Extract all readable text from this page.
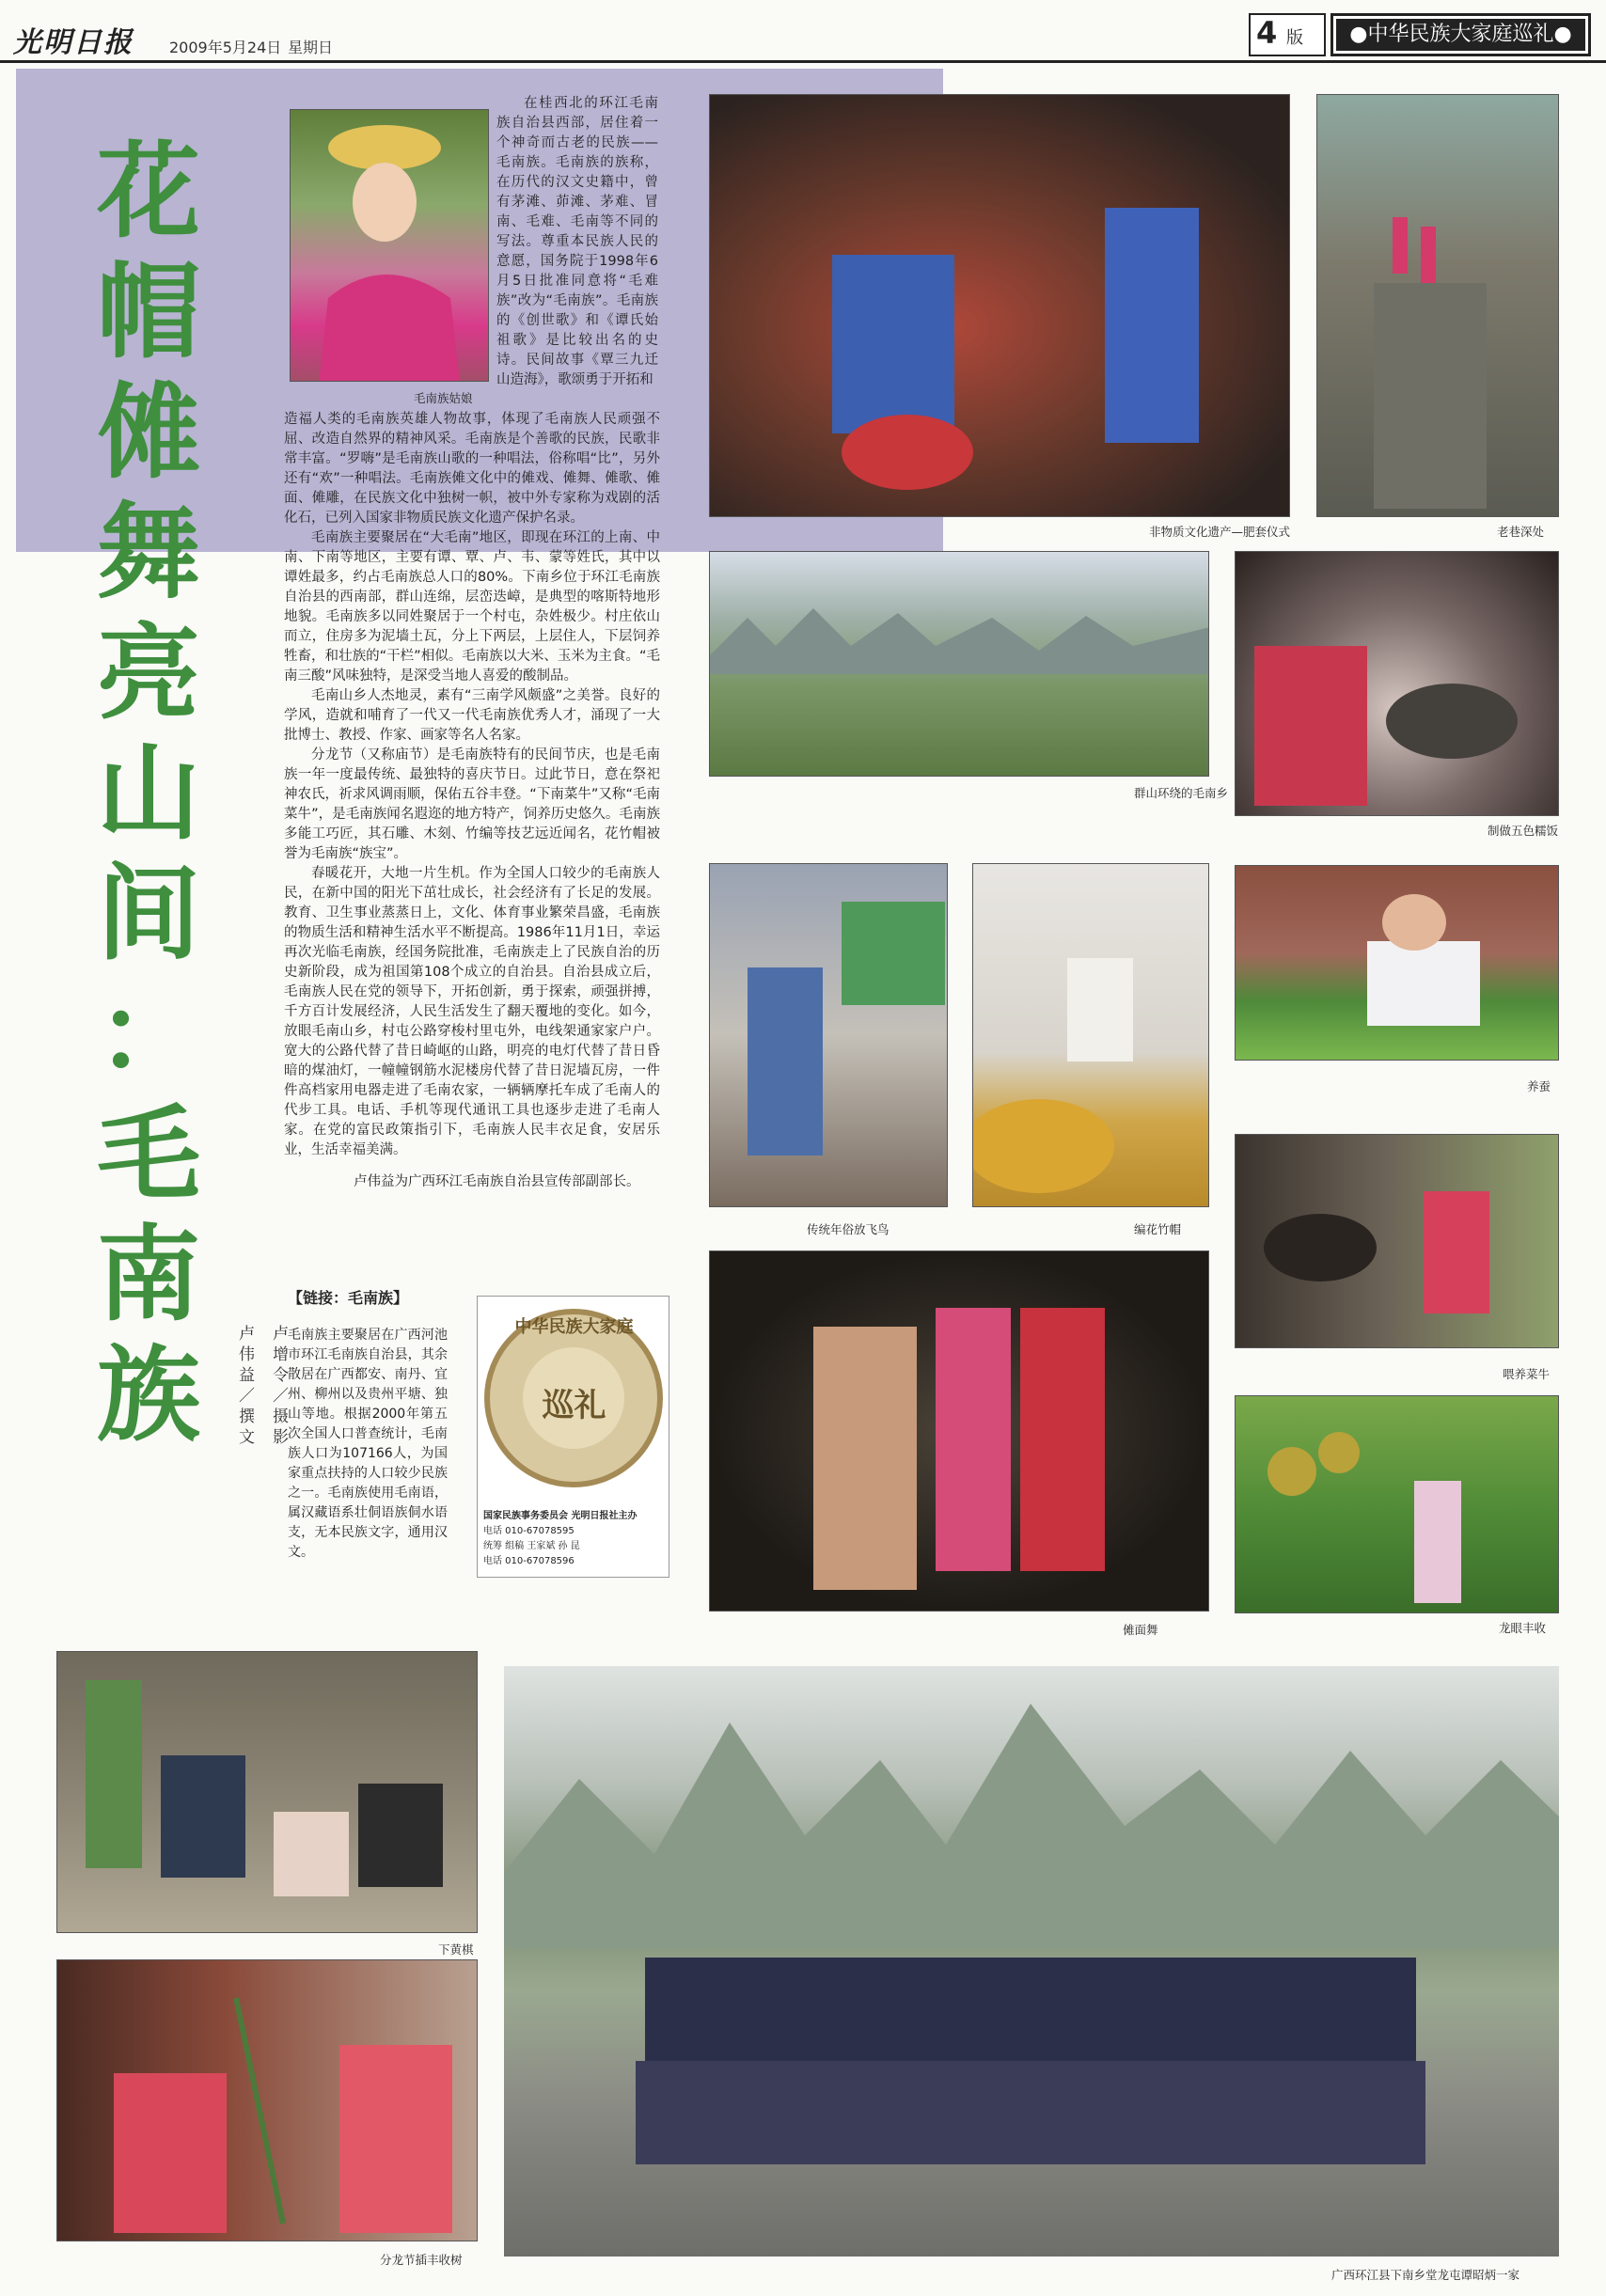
光明日报 2009年5月24日 星期日	4 版	●中华民族大家庭巡礼●
花
帽
傩
舞
亮
山
间
：
毛
南
族
毛南族姑娘

在桂西北的环江毛南族自治县西部，居住着一个神奇而古老的民族——毛南族。毛南族的族称，在历代的汉文史籍中，曾有茅滩、茆滩、茅难、冒南、毛难、毛南等不同的写法。尊重本民族人民的意愿，国务院于1998年6月5日批准同意将“毛难族”改为“毛南族”。毛南族的《创世歌》和《谭氏始祖歌》是比较出名的史诗。民间故事《覃三九迁山造海》，歌颂勇于开拓和

造福人类的毛南族英雄人物故事，体现了毛南族人民顽强不屈、改造自然界的精神风采。毛南族是个善歌的民族，民歌非常丰富。“罗嗨”是毛南族山歌的一种唱法，俗称唱“比”，另外还有“欢”一种唱法。毛南族傩文化中的傩戏、傩舞、傩歌、傩面、傩雕，在民族文化中独树一帜，被中外专家称为戏剧的活化石，已列入国家非物质民族文化遗产保护名录。

毛南族主要聚居在“大毛南”地区，即现在环江的上南、中南、下南等地区，主要有谭、覃、卢、韦、蒙等姓氏，其中以谭姓最多，约占毛南族总人口的80%。下南乡位于环江毛南族自治县的西南部，群山连绵，层峦迭嶂，是典型的喀斯特地形地貌。毛南族多以同姓聚居于一个村屯，杂姓极少。村庄依山而立，住房多为泥墙土瓦，分上下两层，上层住人，下层饲养牲畜，和壮族的“干栏”相似。毛南族以大米、玉米为主食。“毛南三酸”风味独特，是深受当地人喜爱的酸制品。

毛南山乡人杰地灵，素有“三南学风颇盛”之美誉。良好的学风，造就和哺育了一代又一代毛南族优秀人才，涌现了一大批博士、教授、作家、画家等名人名家。

分龙节（又称庙节）是毛南族特有的民间节庆，也是毛南族一年一度最传统、最独特的喜庆节日。过此节日，意在祭祀神农氏，祈求风调雨顺，保佑五谷丰登。“下南菜牛”又称“毛南菜牛”，是毛南族闻名遐迩的地方特产，饲养历史悠久。毛南族多能工巧匠，其石雕、木刻、竹编等技艺远近闻名，花竹帽被誉为毛南族“族宝”。

春暖花开，大地一片生机。作为全国人口较少的毛南族人民，在新中国的阳光下茁壮成长，社会经济有了长足的发展。教育、卫生事业蒸蒸日上，文化、体育事业繁荣昌盛，毛南族的物质生活和精神生活水平不断提高。1986年11月1日，幸运再次光临毛南族，经国务院批准，毛南族走上了民族自治的历史新阶段，成为祖国第108个成立的自治县。自治县成立后，毛南族人民在党的领导下，开拓创新，勇于探索，顽强拼搏，千方百计发展经济，人民生活发生了翻天覆地的变化。如今，放眼毛南山乡，村屯公路穿梭村里屯外，电线架通家家户户。宽大的公路代替了昔日崎岖的山路，明亮的电灯代替了昔日昏暗的煤油灯，一幢幢钢筋水泥楼房代替了昔日泥墙瓦房，一件件高档家用电器走进了毛南农家，一辆辆摩托车成了毛南人的代步工具。电话、手机等现代通讯工具也逐步走进了毛南人家。在党的富民政策指引下，毛南族人民丰衣足食，安居乐业，生活幸福美满。

卢伟益为广西环江毛南族自治县宣传部副部长。
卢伟益／撰文
卢增令／摄影
【链接：毛南族】
毛南族主要聚居在广西河池市环江毛南族自治县，其余散居在广西都安、南丹、宜州、柳州以及贵州平塘、独山等地。根据2000年第五次全国人口普查统计，毛南族人口为107166人，为国家重点扶持的人口较少民族之一。毛南族使用毛南语，属汉藏语系壮侗语族侗水语支，无本民族文字，通用汉文。
中华民族大家庭
巡礼
国家民族事务委员会 光明日报社主办
电话 010-67078595
统筹 组稿 王家斌 孙 昆
电话 010-67078596
非物质文化遗产—肥套仪式	老巷深处
群山环绕的毛南乡
制做五色糯饭
传统年俗放飞鸟	编花竹帽
养蚕
喂养菜牛
傩面舞	龙眼丰收
下黄棋
分龙节插丰收树
广西环江县下南乡堂龙屯谭昭炳一家
